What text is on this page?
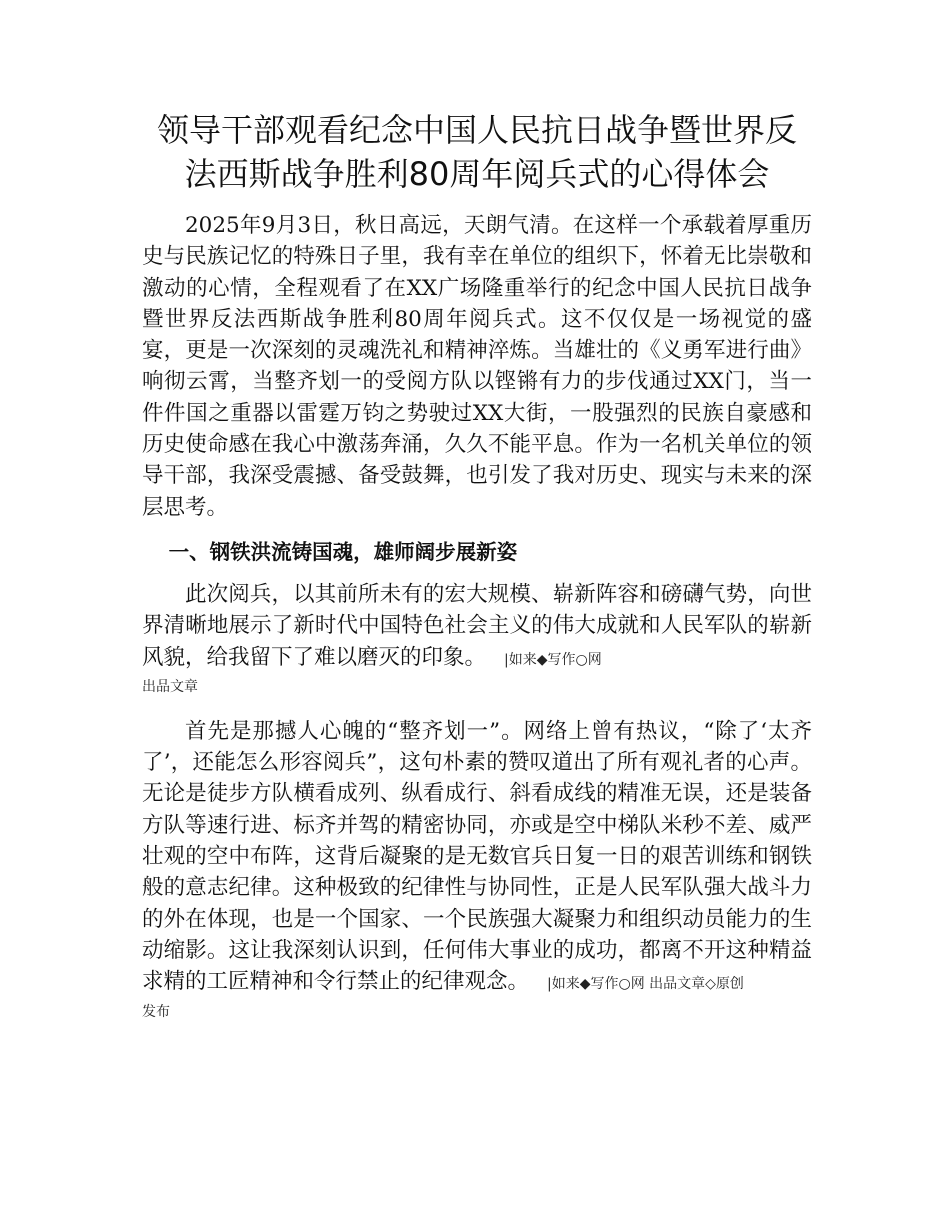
领导干部观看纪念中国人民抗日战争暨世界反
法西斯战争胜利80周年阅兵式的心得体会

2025年9月3日，秋日高远，天朗气清。在这样一个承载着厚重历史与民族记忆的特殊日子里，我有幸在单位的组织下，怀着无比崇敬和激动的心情，全程观看了在XX广场隆重举行的纪念中国人民抗日战争暨世界反法西斯战争胜利80周年阅兵式。这不仅仅是一场视觉的盛宴，更是一次深刻的灵魂洗礼和精神淬炼。当雄壮的《义勇军进行曲》响彻云霄，当整齐划一的受阅方队以铿锵有力的步伐通过XX门，当一件件国之重器以雷霆万钧之势驶过XX大街，一股强烈的民族自豪感和历史使命感在我心中激荡奔涌，久久不能平息。作为一名机关单位的领导干部，我深受震撼、备受鼓舞，也引发了我对历史、现实与未来的深层思考。

一、钢铁洪流铸国魂，雄师阔步展新姿

此次阅兵，以其前所未有的宏大规模、崭新阵容和磅礴气势，向世界清晰地展示了新时代中国特色社会主义的伟大成就和人民军队的崭新风貌，给我留下了难以磨灭的印象。 |如来◆写作○网

出品文章

首先是那撼人心魄的“整齐划一”。网络上曾有热议，“除了‘太齐了’，还能怎么形容阅兵”，这句朴素的赞叹道出了所有观礼者的心声。无论是徒步方队横看成列、纵看成行、斜看成线的精准无误，还是装备方队等速行进、标齐并驾的精密协同，亦或是空中梯队米秒不差、威严壮观的空中布阵，这背后凝聚的是无数官兵日复一日的艰苦训练和钢铁般的意志纪律。这种极致的纪律性与协同性，正是人民军队强大战斗力的外在体现，也是一个国家、一个民族强大凝聚力和组织动员能力的生动缩影。这让我深刻认识到，任何伟大事业的成功，都离不开这种精益求精的工匠精神和令行禁止的纪律观念。 |如来◆写作○网 出品文章◇原创

发布
